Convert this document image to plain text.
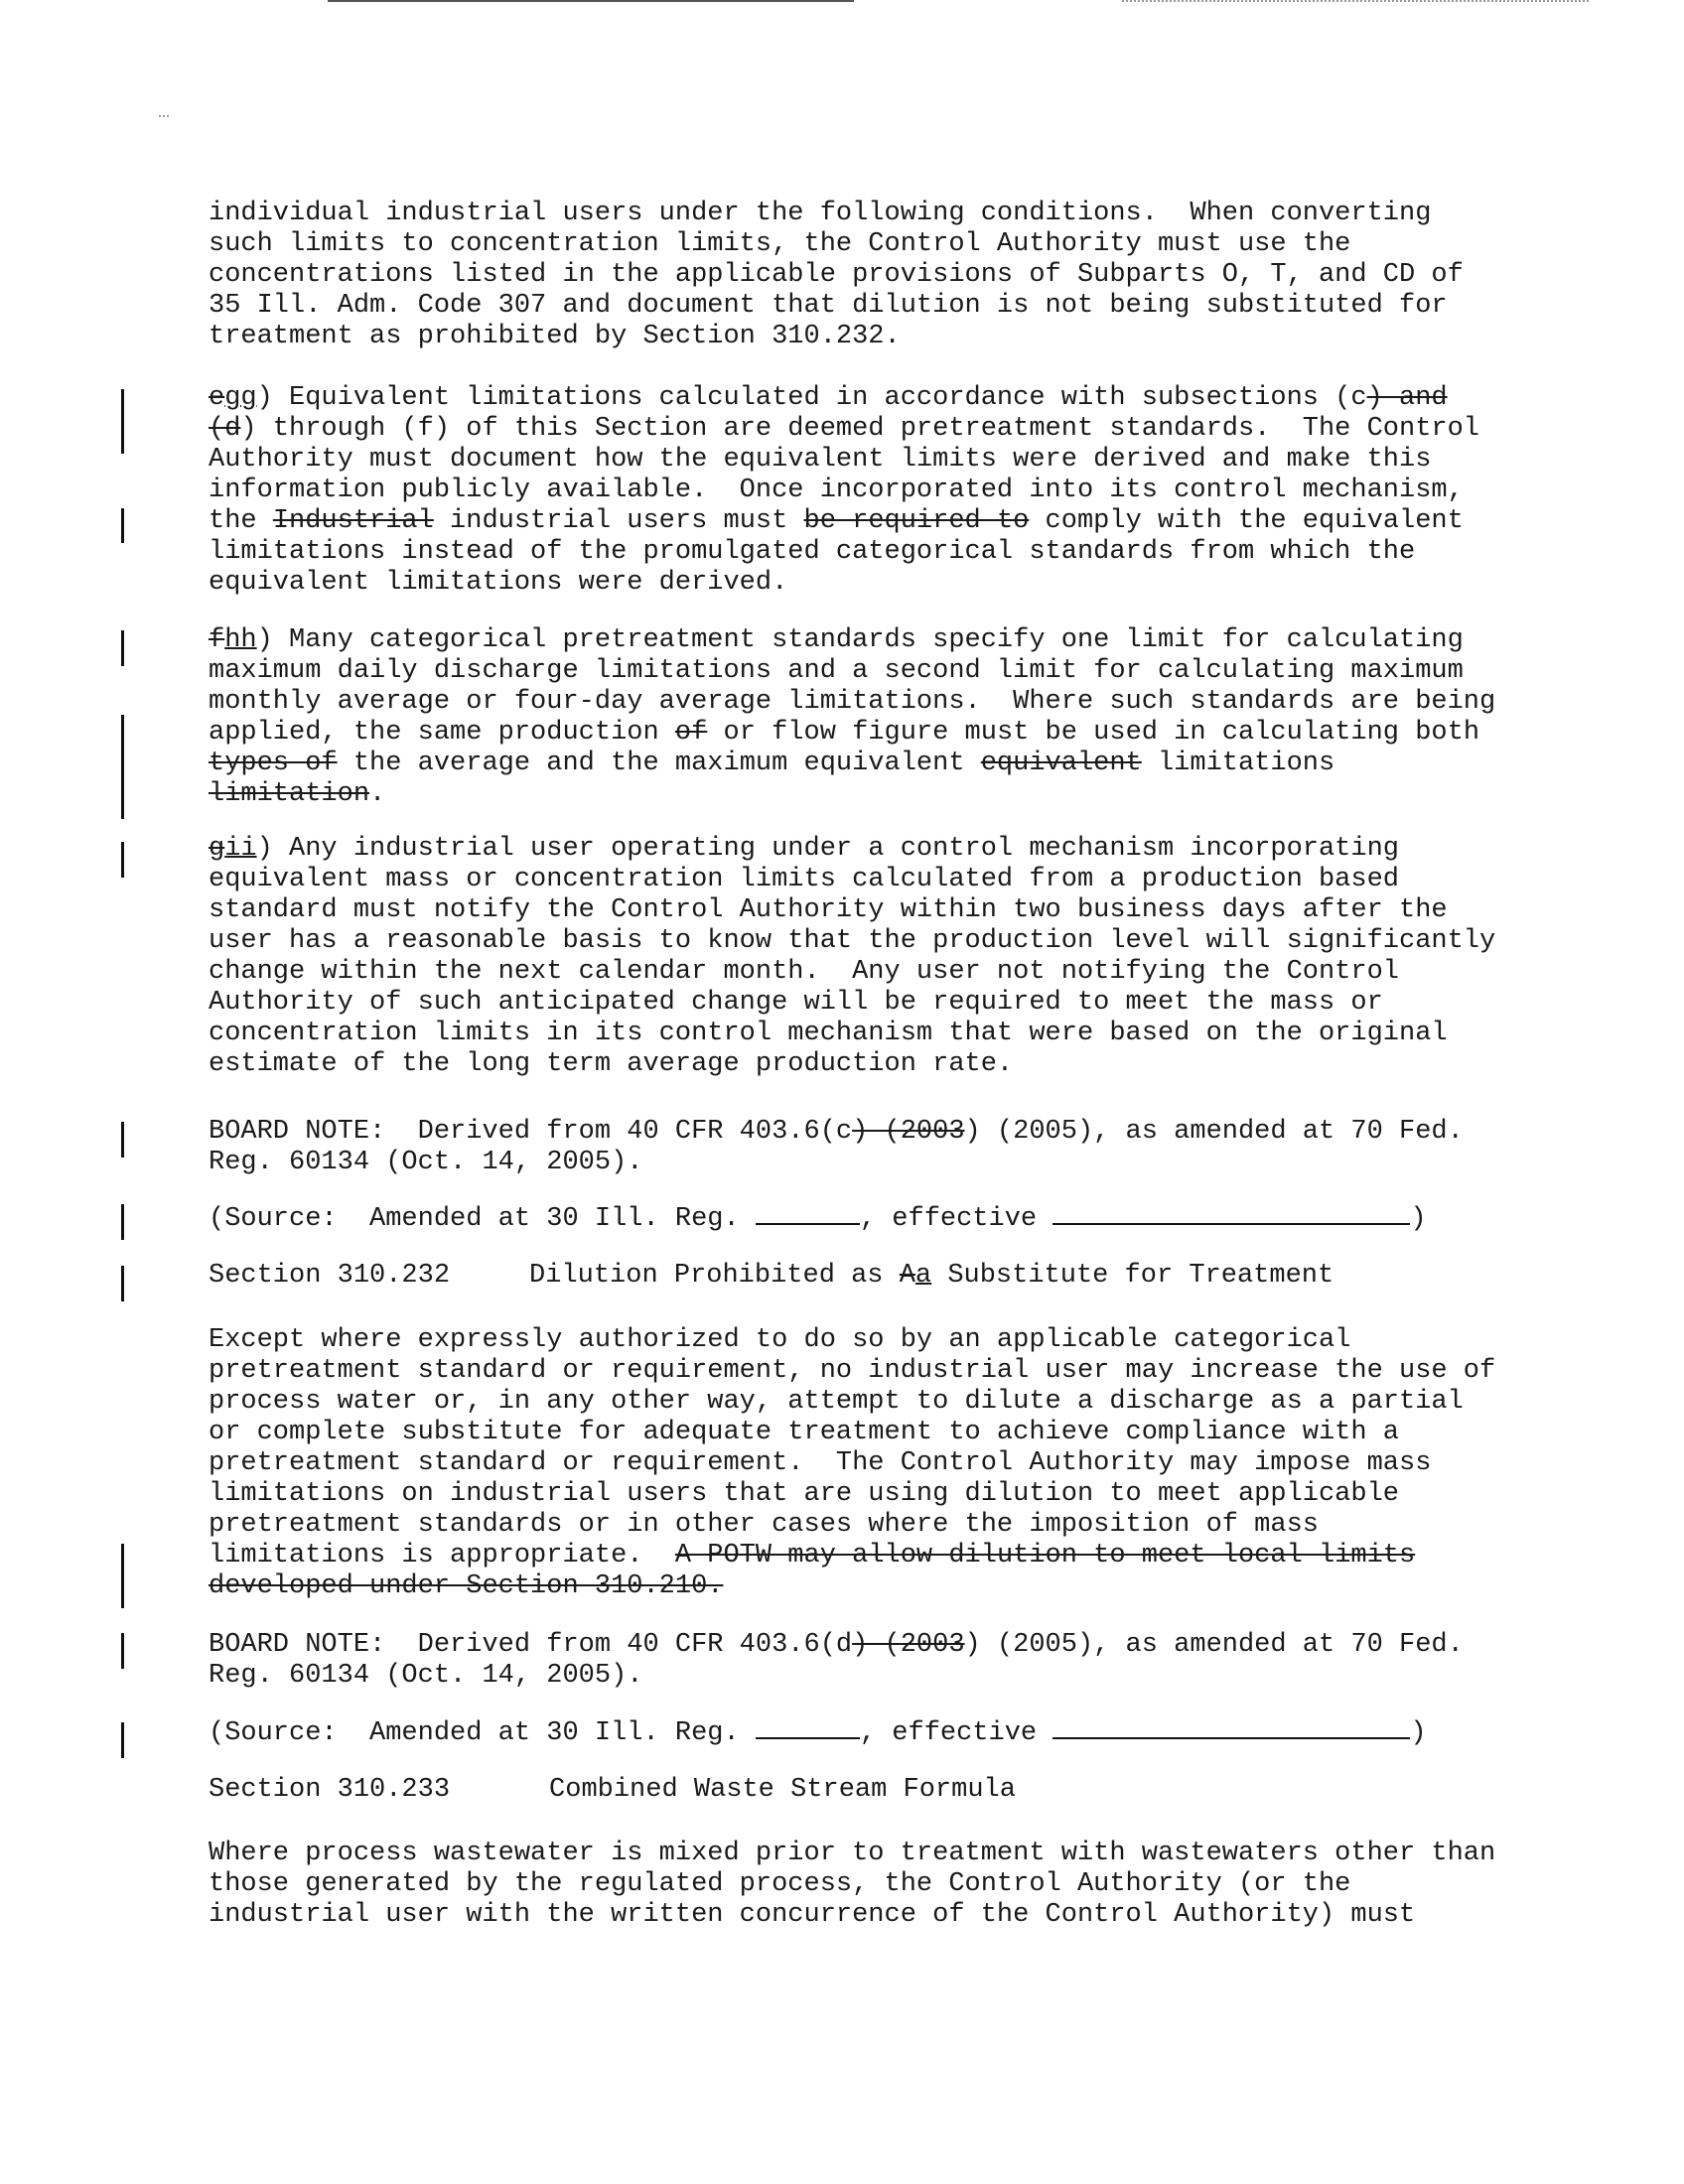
individual industrial users under the following conditions.  When converting
such limits to concentration limits, the Control Authority must use the
concentrations listed in the applicable provisions of Subparts O, T, and CD of
35 Ill. Adm. Code 307 and document that dilution is not being substituted for
treatment as prohibited by Section 310.232.
egg) Equivalent limitations calculated in accordance with subsections (c) and
(d) through (f) of this Section are deemed pretreatment standards.  The Control
Authority must document how the equivalent limits were derived and make this
information publicly available.  Once incorporated into its control mechanism,
the Industrial industrial users must be required to comply with the equivalent
limitations instead of the promulgated categorical standards from which the
equivalent limitations were derived.
fhh) Many categorical pretreatment standards specify one limit for calculating
maximum daily discharge limitations and a second limit for calculating maximum
monthly average or four-day average limitations.  Where such standards are being
applied, the same production of or flow figure must be used in calculating both
types of the average and the maximum equivalent equivalent limitations
limitation.
gii) Any industrial user operating under a control mechanism incorporating
equivalent mass or concentration limits calculated from a production based
standard must notify the Control Authority within two business days after the
user has a reasonable basis to know that the production level will significantly
change within the next calendar month.  Any user not notifying the Control
Authority of such anticipated change will be required to meet the mass or
concentration limits in its control mechanism that were based on the original
estimate of the long term average production rate.
BOARD NOTE:  Derived from 40 CFR 403.6(c) (2003) (2005), as amended at 70 Fed.
Reg. 60134 (Oct. 14, 2005).
(Source:  Amended at 30 Ill. Reg.	, effective	)
Section 310.232	Dilution Prohibited as Aa Substitute for Treatment
Except where expressly authorized to do so by an applicable categorical
pretreatment standard or requirement, no industrial user may increase the use of
process water or, in any other way, attempt to dilute a discharge as a partial
or complete substitute for adequate treatment to achieve compliance with a
pretreatment standard or requirement.  The Control Authority may impose mass
limitations on industrial users that are using dilution to meet applicable
pretreatment standards or in other cases where the imposition of mass
limitations is appropriate.  A POTW may allow dilution to meet local limits
developed under Section 310.210.
BOARD NOTE:  Derived from 40 CFR 403.6(d) (2003) (2005), as amended at 70 Fed.
Reg. 60134 (Oct. 14, 2005).
(Source:  Amended at 30 Ill. Reg.	, effective	)
Section 310.233	Combined Waste Stream Formula
Where process wastewater is mixed prior to treatment with wastewaters other than
those generated by the regulated process, the Control Authority (or the
industrial user with the written concurrence of the Control Authority) must
